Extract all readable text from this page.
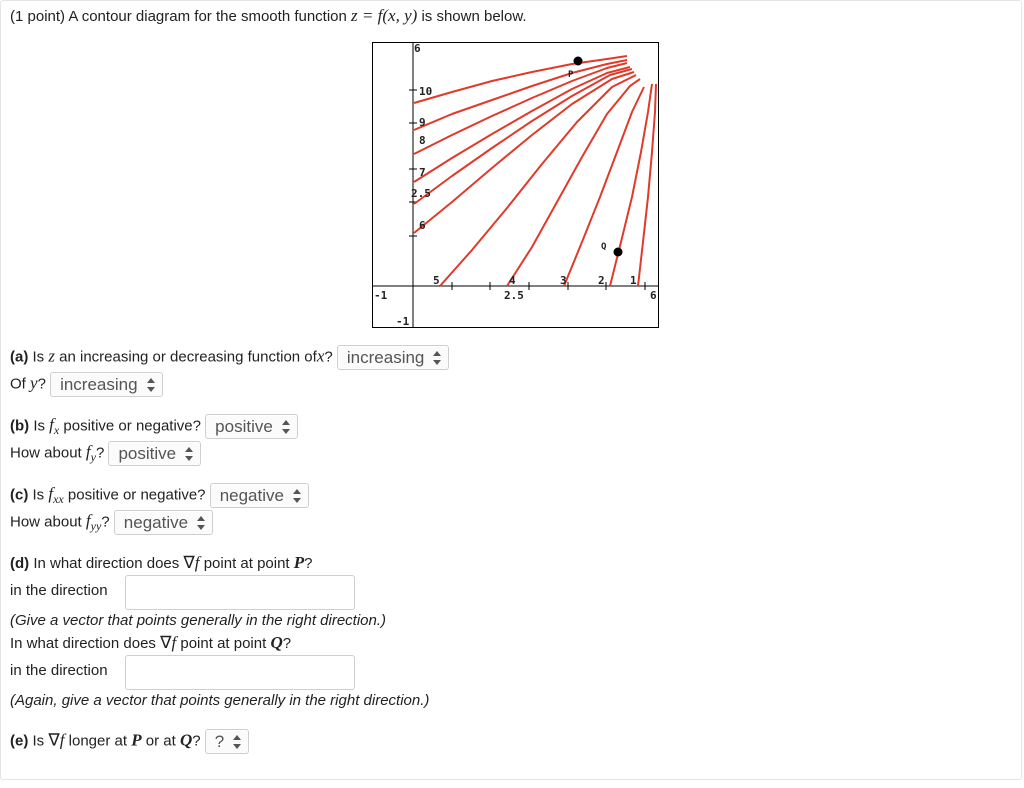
(1 point) A contour diagram for the smooth function z = f(x, y) is shown below.
6
10
9
8
7
2.5
6
5	4	3	2 1
-1	2.5	6
-1
P
Q
(a) Is z an increasing or decreasing function ofx? increasing
Of y? increasing
(b) Is $f_x$ positive or negative? positive
How about $f_y$? positive
(c) Is $f_{xx}$ positive or negative? negative
How about $f_{yy}$? negative
(d) In what direction does ∇f point at point P?
in the direction
(Give a vector that points generally in the right direction.)
In what direction does ∇f point at point Q?
in the direction
(Again, give a vector that points generally in the right direction.)
(e) Is ∇f longer at P or at Q? ?
